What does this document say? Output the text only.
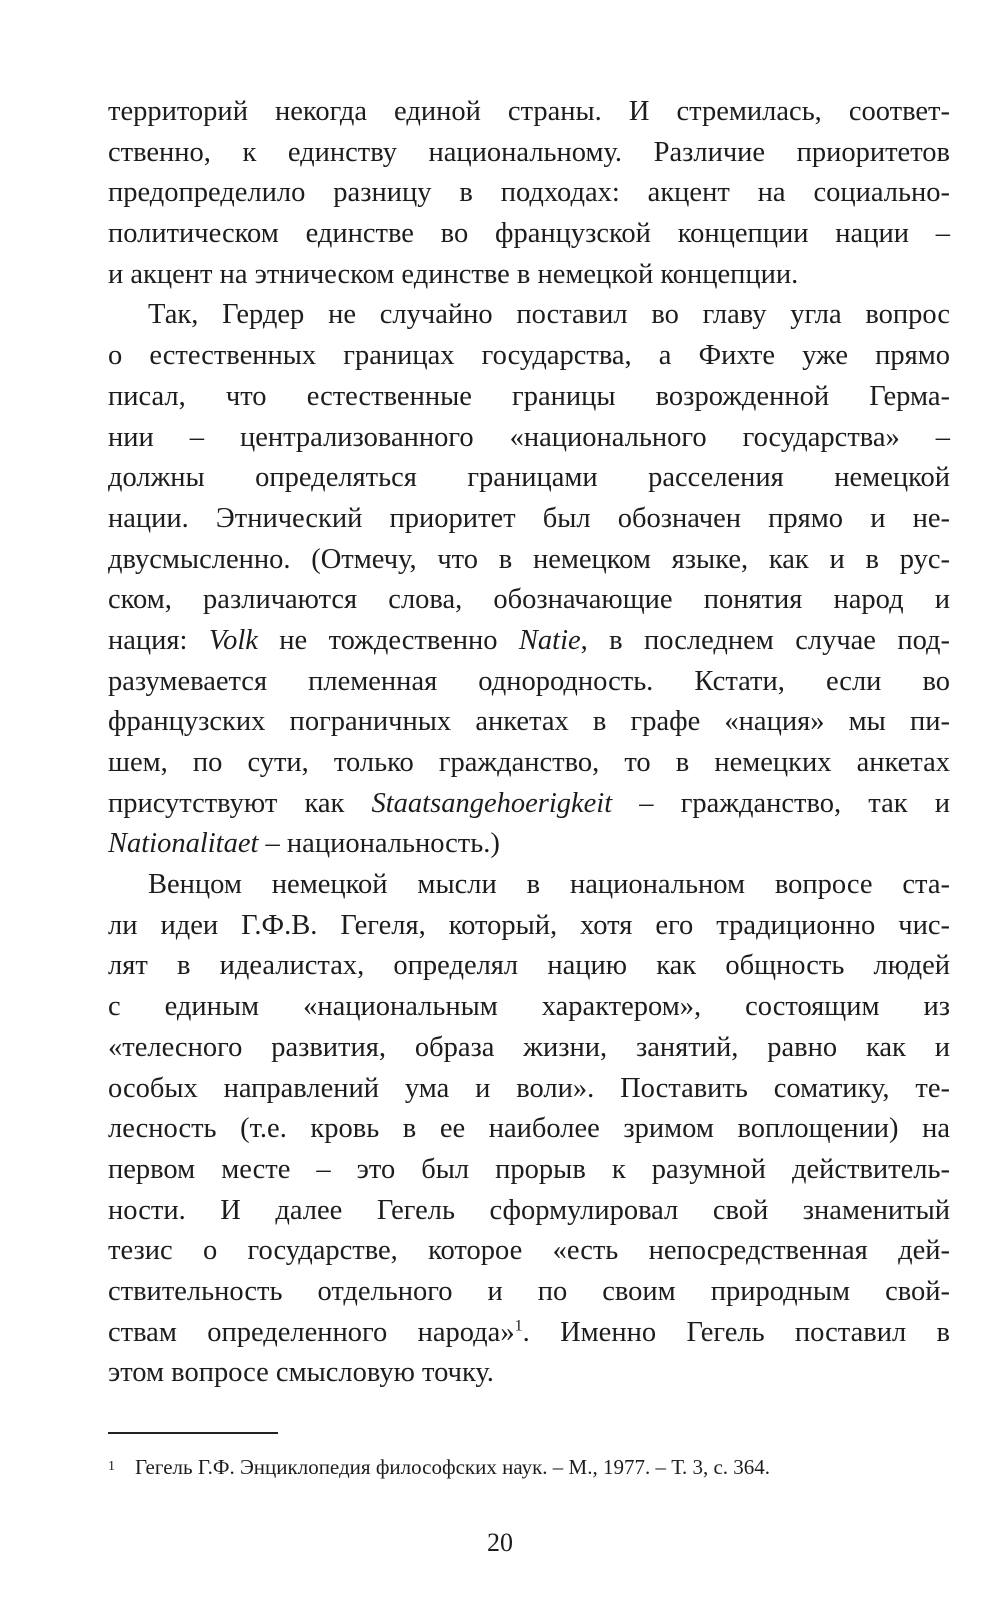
территорий некогда единой страны. И стремилась, соответ-
ственно, к единству национальному. Различие приоритетов
предопределило разницу в подходах: акцент на социально-
политическом единстве во французской концепции нации –
и акцент на этническом единстве в немецкой концепции.
Так, Гердер не случайно поставил во главу угла вопрос
о естественных границах государства, а Фихте уже прямо
писал, что естественные границы возрожденной Герма-
нии – централизованного «национального государства» –
должны определяться границами расселения немецкой
нации. Этнический приоритет был обозначен прямо и не-
двусмысленно. (Отмечу, что в немецком языке, как и в рус-
ском, различаются слова, обозначающие понятия народ и
нация: Volk не тождественно Natie, в последнем случае под-
разумевается племенная однородность. Кстати, если во
французских пограничных анкетах в графе «нация» мы пи-
шем, по сути, только гражданство, то в немецких анкетах
присутствуют как Staatsangehoerigkeit – гражданство, так и
Nationalitaet – национальность.)
Венцом немецкой мысли в национальном вопросе ста-
ли идеи Г.Ф.В. Гегеля, который, хотя его традиционно чис-
лят в идеалистах, определял нацию как общность людей
с единым «национальным характером», состоящим из
«телесного развития, образа жизни, занятий, равно как и
особых направлений ума и воли». Поставить соматику, те-
лесность (т.е. кровь в ее наиболее зримом воплощении) на
первом месте – это был прорыв к разумной действитель-
ности. И далее Гегель сформулировал свой знаменитый
тезис о государстве, которое «есть непосредственная дей-
ствительность отдельного и по своим природным свой-
ствам определенного народа»$^1$. Именно Гегель поставил в
этом вопросе смысловую точку.
$^1$ Гегель Г.Ф. Энциклопедия философских наук. – М., 1977. – Т. 3, с. 364.
20
